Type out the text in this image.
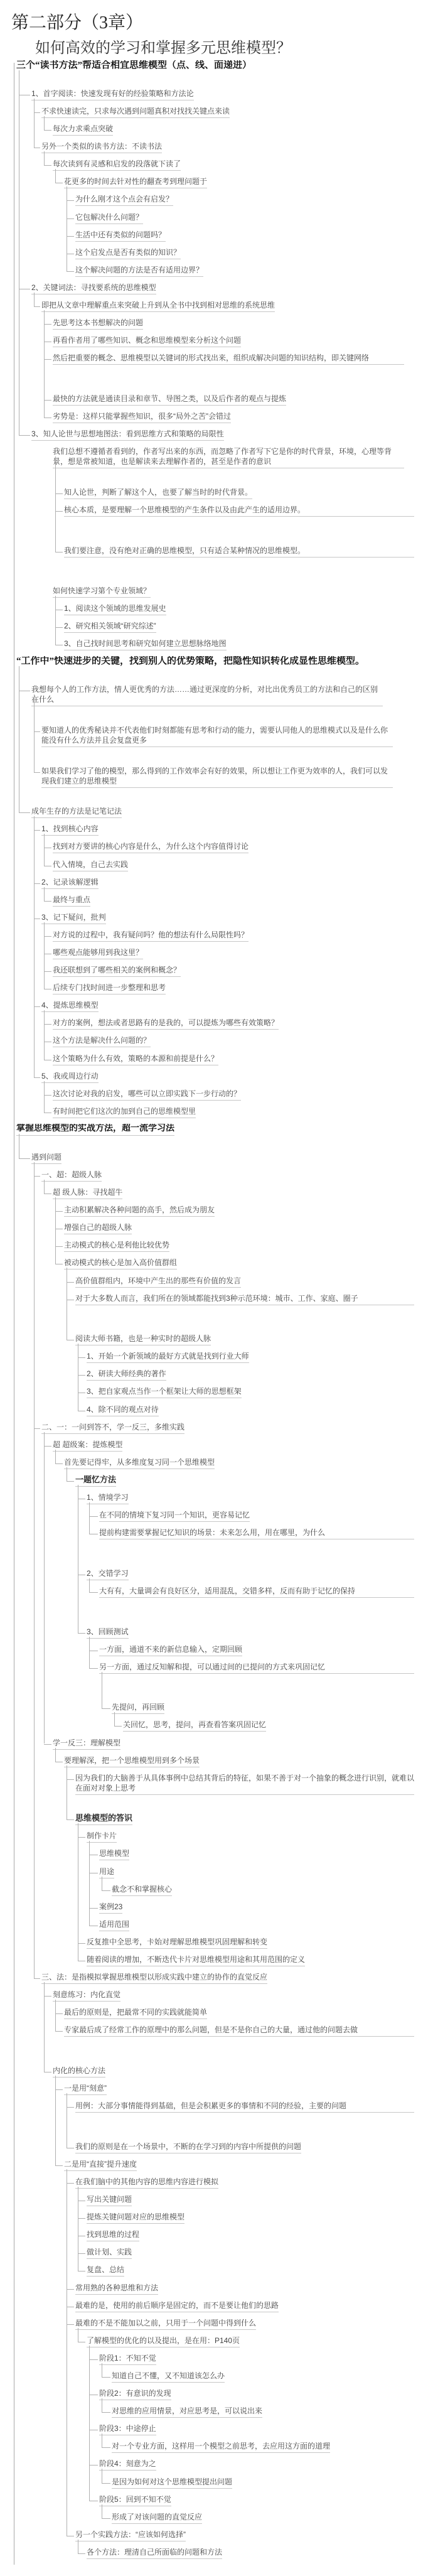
第二部分（3章）
如何高效的学习和掌握多元思维模型？
三个“读书方法”帮适合相宜思维模型（点、线、面递进）
1、首字阅读：快速发现有好的经验策略和方法论
不求快速读完，只求每次遇到问题真积对找找关键点来读
每次力求乘点突破
另外一个类似的读书方法：不读书法
每次读到有灵感和启发的段落就下读了
花更多的时间去针对性的翻查考到理问题于
为什么刚才这个点会有启发？
它包解决什么问题？
生活中还有类似的问题吗？
这个启发点是否有类似的知识？
这个解决问题的方法是否有适用边界？
2、关键词法：寻找要系统的思维模型
即把从文章中理解重点来突破上升到从全书中找到相对思维的系统思维
先思考这本书想解决的问题
再看作者用了哪些知识、概念和思维模型来分析这个问题
然后把重要的概念、思维模型以关键词的形式找出来，组织成解决问题的知识结构，即关键网络
最快的方法就是通读目录和章节、导图之类，以及后作者的观点与提炼
劣势是：这样只能掌握些知识，很多“局外之苦”会错过
3、知人论世与思想地图法：看到思维方式和策略的局限性
我们总想不遵循者看到的，作者写出来的东西，而忽略了作者写下它是你的时代背景，环境，心理等背景，想是常被知道，也是解读来去理解作者的，甚至是作者的意识
知人论世，判断了解这个人，也要了解当时的时代背景。
核心本质，是要理解一个思维模型的产生条件以及由此产生的适用边界。
我们要注意，没有绝对正确的思维模型，只有适合某种情况的思维模型。
如何快速学习第个专业领域？
1、阅读这个领域的思维发展史
2、研究相关领域“研究综述”
3、自己找时间思考和研究如何建立思想脉络地图
“工作中”快速进步的关键，找到别人的优势策略，把隐性知识转化成显性思维模型。
我想每个人的工作方法，情人更优秀的方法……通过更深度的分析，对比出优秀员工的方法和自己的区别在什么
要知道人的优秀秘诀并不代表他们时刻都能有思考和行动的能力，需要认同他人的思维模式以及是什么你能没有什么方法并且会复盘更多
如果我们学习了他的模型，那么得到的工作效率会有好的效果，所以想让工作更为效率的人，我们可以发现我们建立的思维模型
成年生存的方法是记笔记法
1、找到核心内容
找到对方要讲的核心内容是什么，为什么这个内容值得讨论
代入情境，自己去实践
2、记录该解逻辑
最终与重点
3、记下疑问，批判
对方说的过程中，我有疑问吗？他的想法有什么局限性吗？
哪些观点能够用到我这里？
我还联想到了哪些相关的案例和概念？
后续专门找时间进一步整理和思考
4、提炼思维模型
对方的案例，想法或者思路有的是我的，可以提炼为哪些有效策略？
这个方法是解决什么问题的？
这个策略为什么有效，策略的本源和前提是什么？
5、我或周边行动
这次讨论对我的启发，哪些可以立即实践下一步行动的？
有时间把它们这次的加到自己的思维模型里
掌握思维模型的实战方法，超一流学习法
遇到问题
一、超：超级人脉
超 级人脉：寻找超牛
主动积累解决各种问题的高手，然后成为朋友
增强自己的超级人脉
主动模式的核心是利他比较优势
被动模式的核心是加入高价值群组
高价值群组内，环境中产生出的那些有价值的发言
对于大多数人而言，我们所在的领域都能找到3种示范环境：城市、工作、家庭、圈子
阅读大师书籍，也是一种实时的超级人脉
1、开始一个新领域的最好方式就是找到行业大师
2、研读大师经典的著作
3、把自家观点当作一个框架让大师的思想框架
4、除不同的观点对待
二、一：一问到答不，学一反三，多维实践
超 超级案：提炼模型
首先要记得牢，从多维度复习同一个思维模型
一题忆方法
1、情境学习
在不同的情境下复习同一个知识，更容易记忆
提前构建需要掌握记忆知识的场景：未来怎么用，用在哪里，为什么
2、交错学习
大有有，大量调会有良好区分，适用混乱，交错多样，反而有助于记忆的保持
3、回顾测试
一方面，通道不来的新信息输入，定期回顾
另一方面，通过反知解和提，可以通过间的已提问的方式来巩固记忆
先提问，再回顾
关回忆，思考，提问，再查看答案巩固记忆
学一反三：理解模型
要理解深，把一个思维模型用到多个场景
因为我们的大脑善于从具体事例中总结其背后的特征，如果不善于对一个抽象的概念进行识别，就难以在面对对象上思考
思维模型的答识
制作卡片
思维模型
用途
截念不和掌握核心
案例23
适用范围
反复推中全思考，卡始对理解思维模型巩固理解和转变
随着阅读的增加，不断迭代卡片对思维模型用途和其用范围的定义
三、法：是指模拟掌握思维模型以形成实践中建立的协作的直觉反应
刻意练习：内化直觉
最后的原则是，把最常不同的实践就能简单
专家最后成了经常工作的原理中的那么问题，但是不是你自己的大量，通过他的问题去做
内化的核心方法
一是用“刻意”
用例：大部分事情能得到基础，但是会积累更多的事情和不同的经验，主要的问题
我们的原则是在一个场景中，不断的在学习到的内容中所提供的问题
二是用“直接”提升速度
在我们脑中的其他内容的思维内容进行模拟
写出关键问题
提炼关键问题对应的思维模型
找到思维的过程
做计划、实践
复盘、总结
常用熟的各种思维和方法
最难的是，使用的前后顺序是固定的，而不是要让他们的思路
最难的不是不能加以之前，只用于一个问题中得到什么
了解模型的优化的以及提出，是在用：P140页
阶段1：不知不觉
知道自己不懂，又不知道该怎么办
阶段2：有意识的发现
对思维的应用情景，对应思考是，可以说出来
阶段3：中途停止
对一个专业方面，这样用一个模型之前思考，去应用这方面的道理
阶段4：刻意为之
是因为如何对这个思维模型提出问题
阶段5：回到不知不觉
形成了对该问题的直觉反应
另一个实践方法：“应该如何选择”
各个方法：理清自己所面临的问题和方法
